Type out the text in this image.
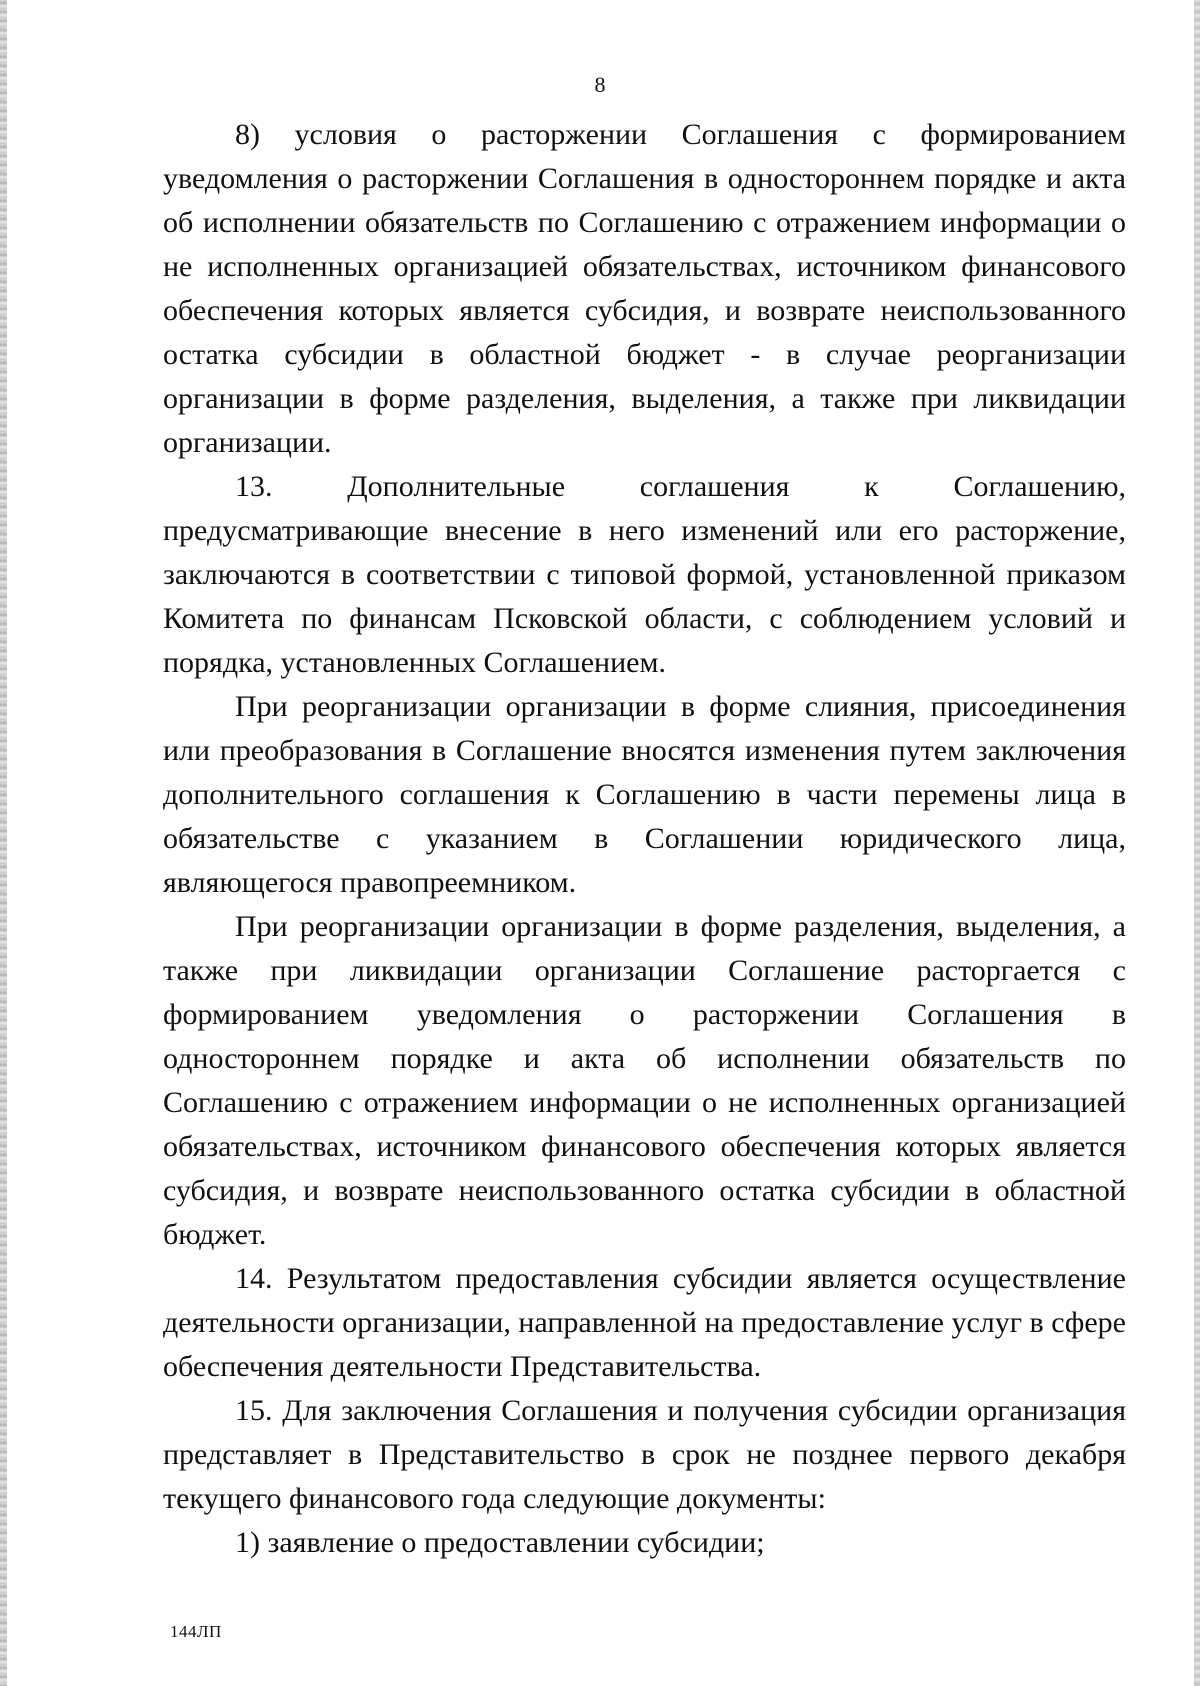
8

8) условия о расторжении Соглашения с формированием уведомления о расторжении Соглашения в одностороннем порядке и акта об исполнении обязательств по Соглашению с отражением информации о не исполненных организацией обязательствах, источником финансового обеспечения которых является субсидия, и возврате неиспользованного остатка субсидии в областной бюджет - в случае реорганизации организации в форме разделения, выделения, а также при ликвидации организации.

13. Дополнительные соглашения к Соглашению, предусматривающие внесение в него изменений или его расторжение, заключаются в соответствии с типовой формой, установленной приказом Комитета по финансам Псковской области, с соблюдением условий и порядка, установленных Соглашением.

При реорганизации организации в форме слияния, присоединения или преобразования в Соглашение вносятся изменения путем заключения дополнительного соглашения к Соглашению в части перемены лица в обязательстве с указанием в Соглашении юридического лица, являющегося правопреемником.

При реорганизации организации в форме разделения, выделения, а также при ликвидации организации Соглашение расторгается с формированием уведомления о расторжении Соглашения в одностороннем порядке и акта об исполнении обязательств по Соглашению с отражением информации о не исполненных организацией обязательствах, источником финансового обеспечения которых является субсидия, и возврате неиспользованного остатка субсидии в областной бюджет.

14. Результатом предоставления субсидии является осуществление деятельности организации, направленной на предоставление услуг в сфере обеспечения деятельности Представительства.

15. Для заключения Соглашения и получения субсидии организация представляет в Представительство в срок не позднее первого декабря текущего финансового года следующие документы:

1) заявление о предоставлении субсидии;

144ЛП
